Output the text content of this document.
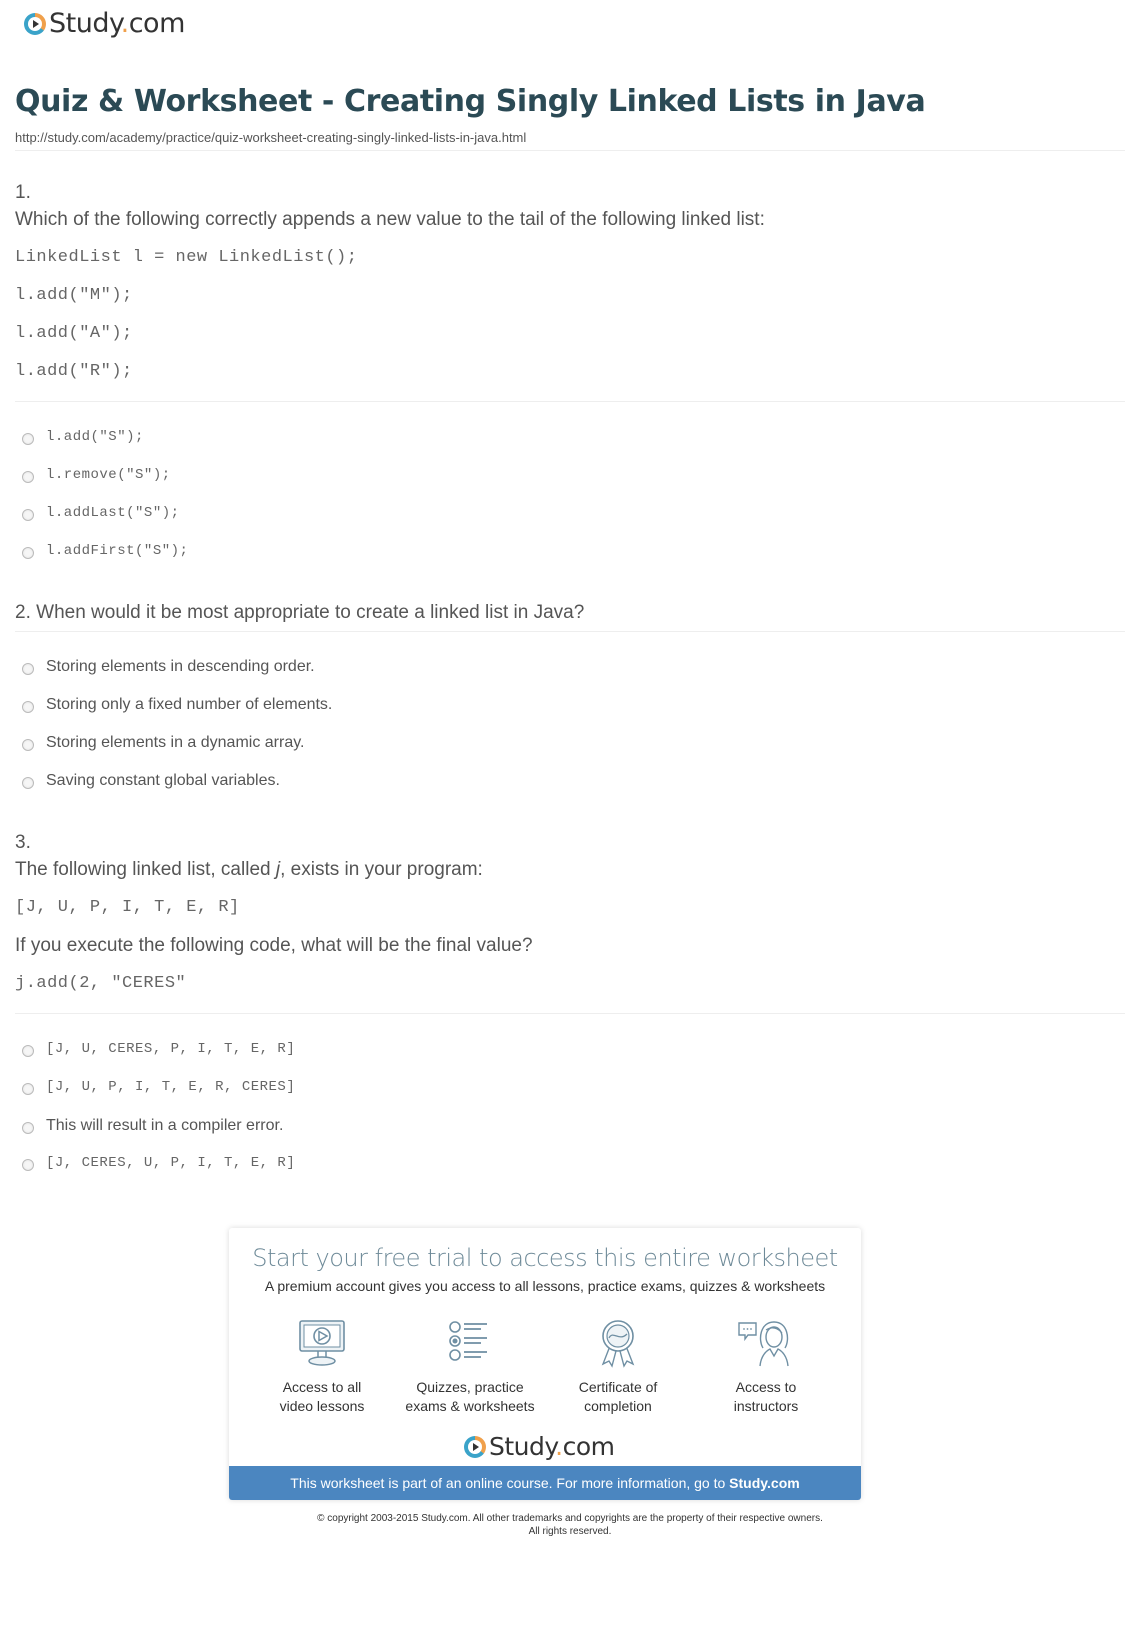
Study.com
Quiz & Worksheet - Creating Singly Linked Lists in Java
http://study.com/academy/practice/quiz-worksheet-creating-singly-linked-lists-in-java.html
1.
Which of the following correctly appends a new value to the tail of the following linked list:
LinkedList l = new LinkedList();
l.add("M");
l.add("A");
l.add("R");
l.add("S");
l.remove("S");
l.addLast("S");
l.addFirst("S");
2. When would it be most appropriate to create a linked list in Java?
Storing elements in descending order.
Storing only a fixed number of elements.
Storing elements in a dynamic array.
Saving constant global variables.
3.
The following linked list, called j, exists in your program:
[J, U, P, I, T, E, R]
If you execute the following code, what will be the final value?
j.add(2, "CERES"
[J, U, CERES, P, I, T, E, R]
[J, U, P, I, T, E, R, CERES]
This will result in a compiler error.
[J, CERES, U, P, I, T, E, R]
Start your free trial to access this entire worksheet
A premium account gives you access to all lessons, practice exams, quizzes & worksheets
Access to all
video lessons
Quizzes, practice
exams & worksheets
Certificate of
completion
Access to
instructors
Study.com
This worksheet is part of an online course. For more information, go to Study.com
© copyright 2003-2015 Study.com. All other trademarks and copyrights are the property of their respective owners.
All rights reserved.
